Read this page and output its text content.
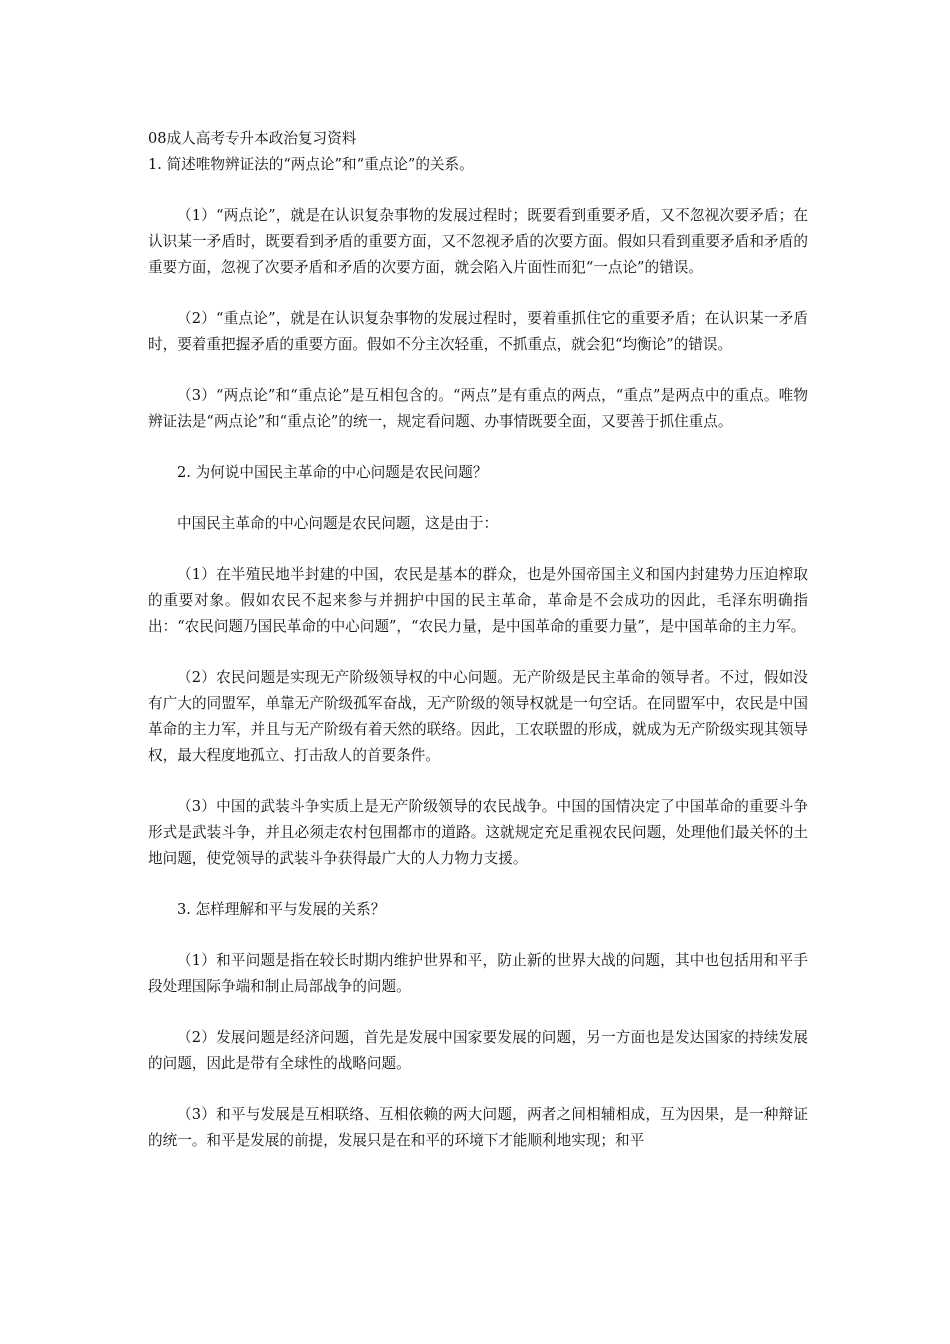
08成人高考专升本政治复习资料

1. 简述唯物辨证法的“两点论”和“重点论”的关系。

（1）“两点论”，就是在认识复杂事物的发展过程时；既要看到重要矛盾，又不忽视次要矛盾；在认识某一矛盾时，既要看到矛盾的重要方面，又不忽视矛盾的次要方面。假如只看到重要矛盾和矛盾的重要方面，忽视了次要矛盾和矛盾的次要方面，就会陷入片面性而犯“一点论”的错误。

（2）“重点论”，就是在认识复杂事物的发展过程时，要着重抓住它的重要矛盾；在认识某一矛盾时，要着重把握矛盾的重要方面。假如不分主次轻重，不抓重点，就会犯“均衡论”的错误。

（3）“两点论”和“重点论”是互相包含的。“两点”是有重点的两点，“重点”是两点中的重点。唯物辨证法是“两点论”和“重点论”的统一，规定看问题、办事情既要全面，又要善于抓住重点。

2. 为何说中国民主革命的中心问题是农民问题？

中国民主革命的中心问题是农民问题，这是由于：

（1）在半殖民地半封建的中国，农民是基本的群众，也是外国帝国主义和国内封建势力压迫榨取的重要对象。假如农民不起来参与并拥护中国的民主革命，革命是不会成功的因此，毛泽东明确指出：“农民问题乃国民革命的中心问题”，“农民力量，是中国革命的重要力量”，是中国革命的主力军。

（2）农民问题是实现无产阶级领导权的中心问题。无产阶级是民主革命的领导者。不过，假如没有广大的同盟军，单靠无产阶级孤军奋战，无产阶级的领导权就是一句空话。在同盟军中，农民是中国革命的主力军，并且与无产阶级有着天然的联络。因此，工农联盟的形成，就成为无产阶级实现其领导权，最大程度地孤立、打击敌人的首要条件。

（3）中国的武装斗争实质上是无产阶级领导的农民战争。中国的国情决定了中国革命的重要斗争形式是武装斗争，并且必须走农村包围都市的道路。这就规定充足重视农民问题，处理他们最关怀的土地问题，使党领导的武装斗争获得最广大的人力物力支援。

3. 怎样理解和平与发展的关系？

（1）和平问题是指在较长时期内维护世界和平，防止新的世界大战的问题，其中也包括用和平手段处理国际争端和制止局部战争的问题。

（2）发展问题是经济问题，首先是发展中国家要发展的问题，另一方面也是发达国家的持续发展的问题，因此是带有全球性的战略问题。

（3）和平与发展是互相联络、互相依赖的两大问题，两者之间相辅相成，互为因果，是一种辩证的统一。和平是发展的前提，发展只是在和平的环境下才能顺利地实现；和平
